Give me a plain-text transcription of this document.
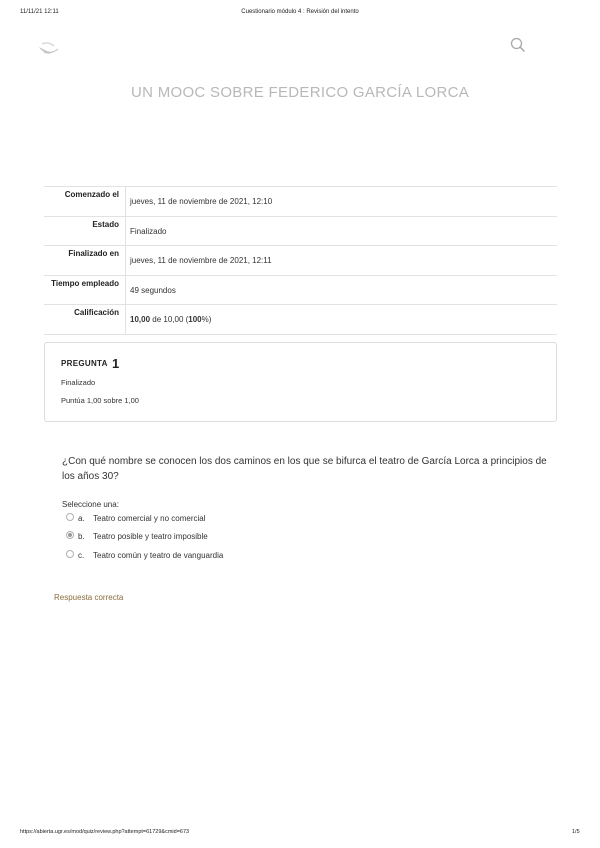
11/11/21 12:11	Cuestionario módulo 4 : Revisión del intento
UN MOOC SOBRE FEDERICO GARCÍA LORCA
Comenzado el	jueves, 11 de noviembre de 2021, 12:10
Estado	Finalizado
Finalizado en	jueves, 11 de noviembre de 2021, 12:11
Tiempo empleado	49 segundos
Calificación	10,00 de 10,00 (100%)
PREGUNTA 1
Finalizado
Puntúa 1,00 sobre 1,00
¿Con qué nombre se conocen los dos caminos en los que se bifurca el teatro de García Lorca a principios de los años 30?
Seleccione una:
a. Teatro comercial y no comercial
b. Teatro posible y teatro imposible
c. Teatro común y teatro de vanguardia
Respuesta correcta
https://abierta.ugr.es/mod/quiz/review.php?attempt=61729&cmid=673	1/5
